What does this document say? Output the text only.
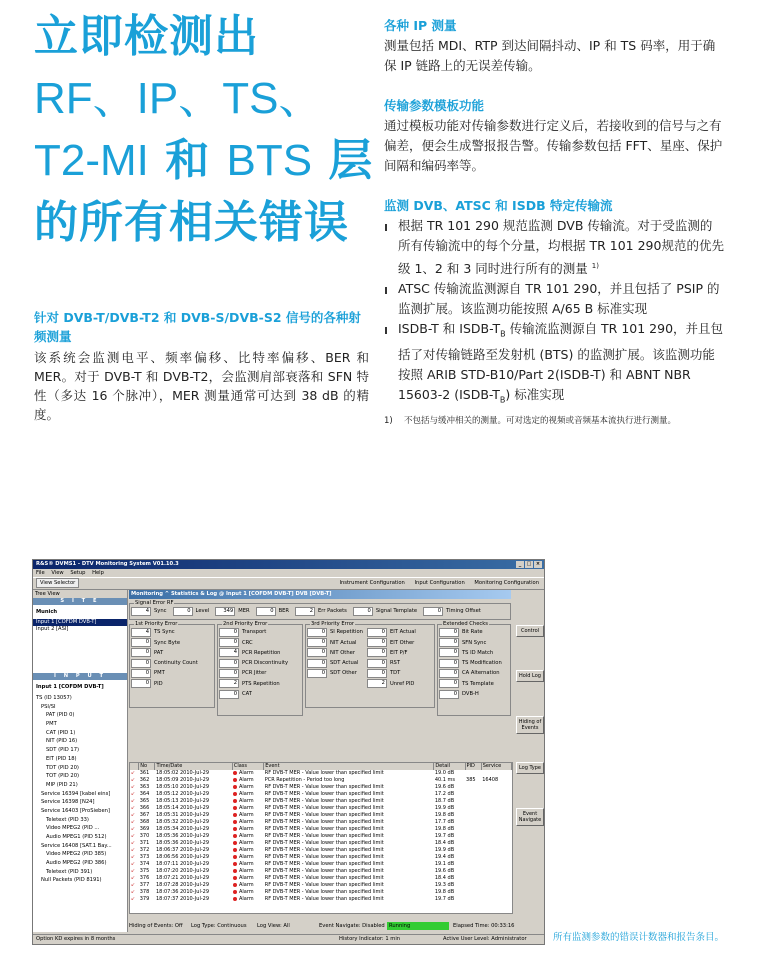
立即检测出
RF、IP、TS、
T2-MI 和 BTS 层
的所有相关错误
针对 DVB-T/DVB-T2 和 DVB-S/DVB-S2 信号的各种射频测量
该系统会监测电平、频率偏移、比特率偏移、BER 和 MER。对于 DVB-T 和 DVB-T2，会监测肩部衰落和 SFN 特性（多达 16 个脉冲），MER 测量通常可达到 38 dB 的精度。
各种 IP 测量

测量包括 MDI、RTP 到达间隔抖动、IP 和 TS 码率，用于确保 IP 链路上的无误差传输。

传输参数模板功能

通过模板功能对传输参数进行定义后，若接收到的信号与之有偏差，便会生成警报报告警。传输参数包括 FFT、星座、保护间隔和编码率等。

监测 DVB、ATSC 和 ISDB 特定传输流
根据 TR 101 290 规范监测 DVB 传输流。对于受监测的所有传输流中的每个分量，均根据 TR 101 290规范的优先级 1、2 和 3 同时进行所有的测量 $^{1)}$
ATSC 传输流监测源自 TR 101 290，并且包括了 PSIP 的监测扩展。该监测功能按照 A/65 B 标准实现
ISDB-T 和 ISDB-$T_B$ 传输流监测源自 TR 101 290，并且包括了对传输链路至发射机 (BTS) 的监测扩展。该监测功能按照 ARIB STD-B10/Part 2(ISDB-T) 和 ABNT NBR 15603-2 $(ISDB-T_B)$ 标准实现
1) 不包括与缓冲相关的测量。可对选定的视频或音频基本流执行进行测量。
R&S® DVMS1 - DTV Monitoring System V01.10.3	_	□ ×
File View Setup Help
View Selector	Instrument Configuration Input Configuration Monitoring Configuration
Tree View
S I T E
Munich
Input 1 [COFDM DVB-T]
Input 2 [ASI]
I N P U T
Input 1 [COFDM DVB-T]
TS (ID 13057)
PSI/SI
PAT (PID 0)
PMT
CAT (PID 1)
NIT (PID 16)
SDT (PID 17)
EIT (PID 18)
TDT (PID 20)
TOT (PID 20)
MIP (PID 21)
Service 16394 [kabel eins]
Service 16398 [N24]
Service 16403 [ProSieben]
Teletext (PID 33)
Video MPEG2 (PID ...
Audio MPEG1 (PID 512)
Service 16408 [SAT.1 Bay...
Video MPEG2 (PID 385)
Audio MPEG2 (PID 386)
Teletext (PID 391)
Null Packets (PID 8191)
Monitoring ^ Statistics & Log @ Input 1 [COFDM DVB-T] DVB [DVB-T]
Signal Error RF
4 Sync	0 Level	349 MER	0 BER	2 Err Packets	0 Signal Template	0 Timing Offset
1st Priority Error
4 TS Sync
0 Sync Byte
0 PAT
0 Continuity Count
0 PMT
0 PID
2nd Priority Error
0 Transport
0 CRC
4 PCR Repetition
0 PCR Discontinuity
0 PCR Jitter
2 PTS Repetition
0 CAT
3rd Priority Error
0 SI Repetition
0 NIT Actual
0 NIT Other
0 SDT Actual
0 SDT Other
0 EIT Actual
0 EIT Other
0 EIT P/F
0 RST
0 TDT
2 Unref PID
Extended Checks
0 Bit Rate
0 SFN Sync
0 TS ID Match
0 TS Modification
0 CA Alternation
0 TS Template
0 DVB-H
	No	Time/Date	Class	Event	Detail	PID	Service
↙	361	18:05:02 2010-Jul-29	Alarm	RF DVB-T MER - Value lower than specified limit	19.0 dB		
↙	362	18:05:09 2010-Jul-29	Alarm	PCR Repetition - Period too long	40.1 ms	385	16408
↙	363	18:05:10 2010-Jul-29	Alarm	RF DVB-T MER - Value lower than specified limit	19.6 dB		
↙	364	18:05:12 2010-Jul-29	Alarm	RF DVB-T MER - Value lower than specified limit	17.2 dB		
↙	365	18:05:13 2010-Jul-29	Alarm	RF DVB-T MER - Value lower than specified limit	18.7 dB		
↙	366	18:05:14 2010-Jul-29	Alarm	RF DVB-T MER - Value lower than specified limit	19.9 dB		
↙	367	18:05:31 2010-Jul-29	Alarm	RF DVB-T MER - Value lower than specified limit	19.8 dB		
↙	368	18:05:32 2010-Jul-29	Alarm	RF DVB-T MER - Value lower than specified limit	17.7 dB		
↙	369	18:05:34 2010-Jul-29	Alarm	RF DVB-T MER - Value lower than specified limit	19.8 dB		
↙	370	18:05:36 2010-Jul-29	Alarm	RF DVB-T MER - Value lower than specified limit	19.7 dB		
↙	371	18:05:36 2010-Jul-29	Alarm	RF DVB-T MER - Value lower than specified limit	18.4 dB		
↙	372	18:06:37 2010-Jul-29	Alarm	RF DVB-T MER - Value lower than specified limit	19.9 dB		
↙	373	18:06:56 2010-Jul-29	Alarm	RF DVB-T MER - Value lower than specified limit	19.4 dB		
↙	374	18:07:11 2010-Jul-29	Alarm	RF DVB-T MER - Value lower than specified limit	19.1 dB		
↙	375	18:07:20 2010-Jul-29	Alarm	RF DVB-T MER - Value lower than specified limit	19.6 dB		
↙	376	18:07:21 2010-Jul-29	Alarm	RF DVB-T MER - Value lower than specified limit	18.4 dB		
↙	377	18:07:28 2010-Jul-29	Alarm	RF DVB-T MER - Value lower than specified limit	19.3 dB		
↙	378	18:07:36 2010-Jul-29	Alarm	RF DVB-T MER - Value lower than specified limit	19.8 dB		
↙	379	18:07:37 2010-Jul-29	Alarm	RF DVB-T MER - Value lower than specified limit	19.7 dB		
Control
Hold Log
Hiding of Events
Log Type
Event Navigate
Hiding of Events: Off Log Type: Continuous Log View: All	Event Navigate: Disabled Running	Elapsed Time: 00:33:16
Option KD expires in 8 months	History Indicator: 1 min	Active User Level: Administrator	所有监测参数的错误计数器和报告条目。
